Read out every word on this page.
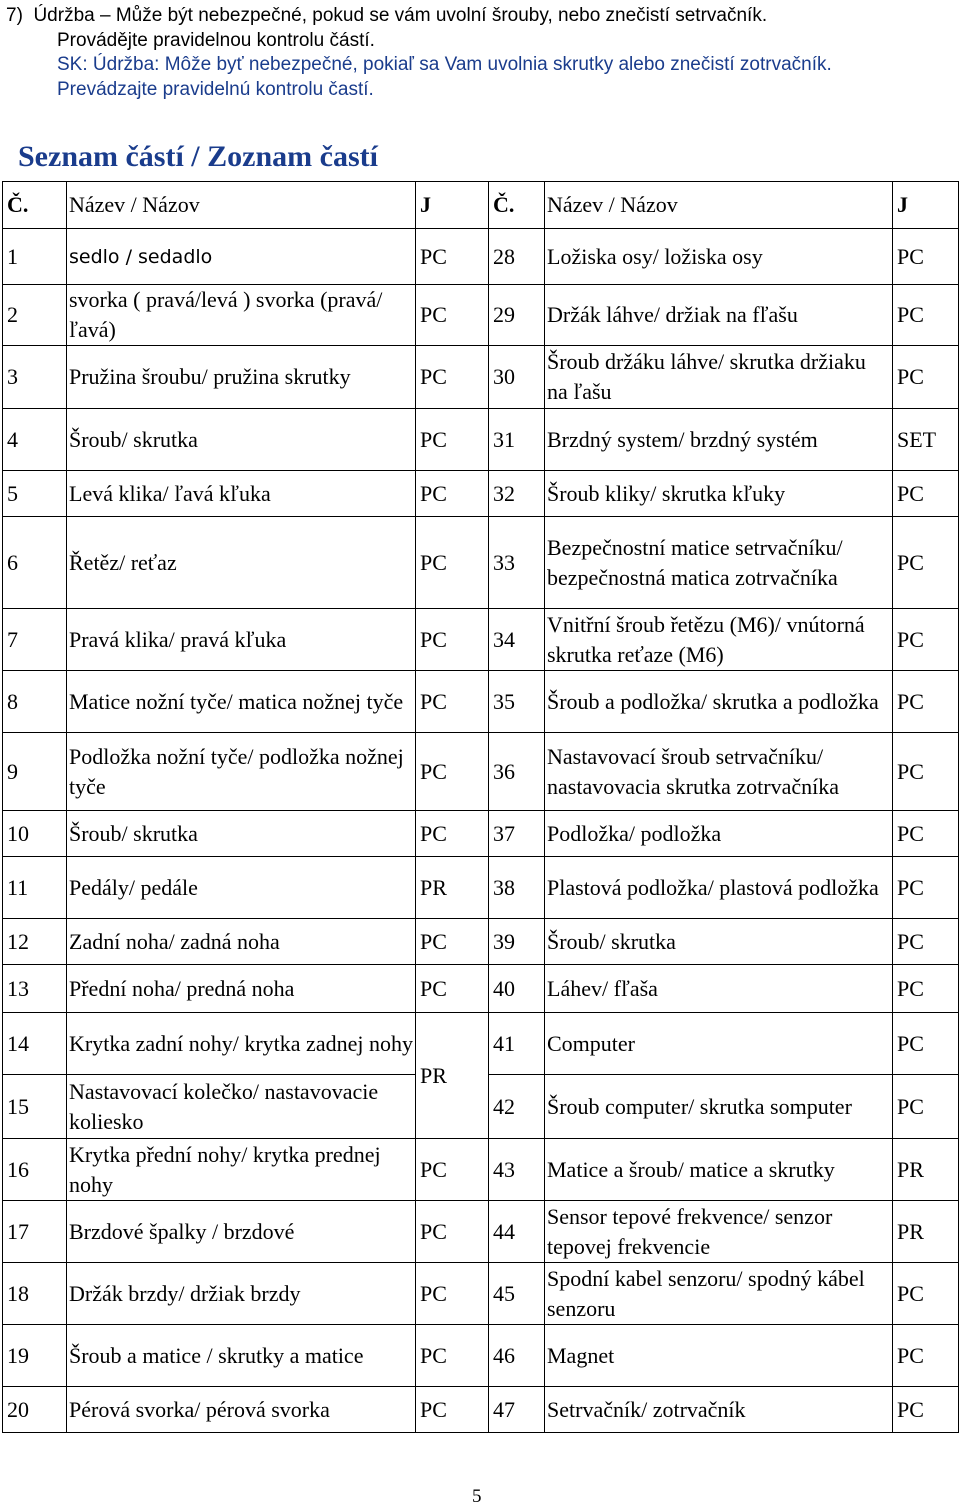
7)  Údržba – Může být nebezpečné, pokud se vám uvolní šrouby, nebo znečistí setrvačník.
Provádějte pravidelnou kontrolu částí.
SK: Údržba: Môže byť nebezpečné, pokiaľ sa Vam uvolnia skrutky alebo znečistí zotrvačník.
Prevádzajte pravidelnú kontrolu častí.
Seznam částí / Zoznam častí
Č.	Název / Názov	J	Č.	Název / Názov	J
1	sedlo / sedadlo	PC	28	Ložiska osy/ ložiska osy	PC
2	svorka ( pravá/levá ) svorka (pravá/ľavá)	PC	29	Držák láhve/ držiak na fľašu	PC
3	Pružina šroubu/ pružina skrutky	PC	30	Šroub držáku láhve/ skrutka držiaku na ľašu	PC
4	Šroub/ skrutka	PC	31	Brzdný system/ brzdný systém	SET
5	Levá klika/ ľavá kľuka	PC	32	Šroub kliky/ skrutka kľuky	PC
6	Řetěz/ reťaz	PC	33	Bezpečnostní matice setrvačníku/ bezpečnostná matica zotrvačníka	PC
7	Pravá klika/ pravá kľuka	PC	34	Vnitřní šroub řetězu (M6)/ vnútorná skrutka reťaze (M6)	PC
8	Matice nožní tyče/ matica nožnej tyče	PC	35	Šroub a podložka/ skrutka a podložka	PC
9	Podložka nožní tyče/ podložka nožnej tyče	PC	36	Nastavovací šroub setrvačníku/ nastavovacia skrutka zotrvačníka	PC
10	Šroub/ skrutka	PC	37	Podložka/ podložka	PC
11	Pedály/ pedále	PR	38	Plastová podložka/ plastová podložka	PC
12	Zadní noha/ zadná noha	PC	39	Šroub/ skrutka	PC
13	Přední noha/ predná noha	PC	40	Láhev/ fľaša	PC
14	Krytka zadní nohy/ krytka zadnej nohy	PR	41	Computer	PC
15	Nastavovací kolečko/ nastavovacie koliesko		42	Šroub computer/ skrutka somputer	PC
16	Krytka přední nohy/ krytka prednej nohy	PC	43	Matice a šroub/ matice a skrutky	PR
17	Brzdové špalky / brzdové	PC	44	Sensor tepové frekvence/ senzor tepovej frekvencie	PR
18	Držák brzdy/ držiak brzdy	PC	45	Spodní kabel senzoru/ spodný kábel senzoru	PC
19	Šroub a matice / skrutky a matice	PC	46	Magnet	PC
20	Pérová svorka/ pérová svorka	PC	47	Setrvačník/ zotrvačník	PC
5
